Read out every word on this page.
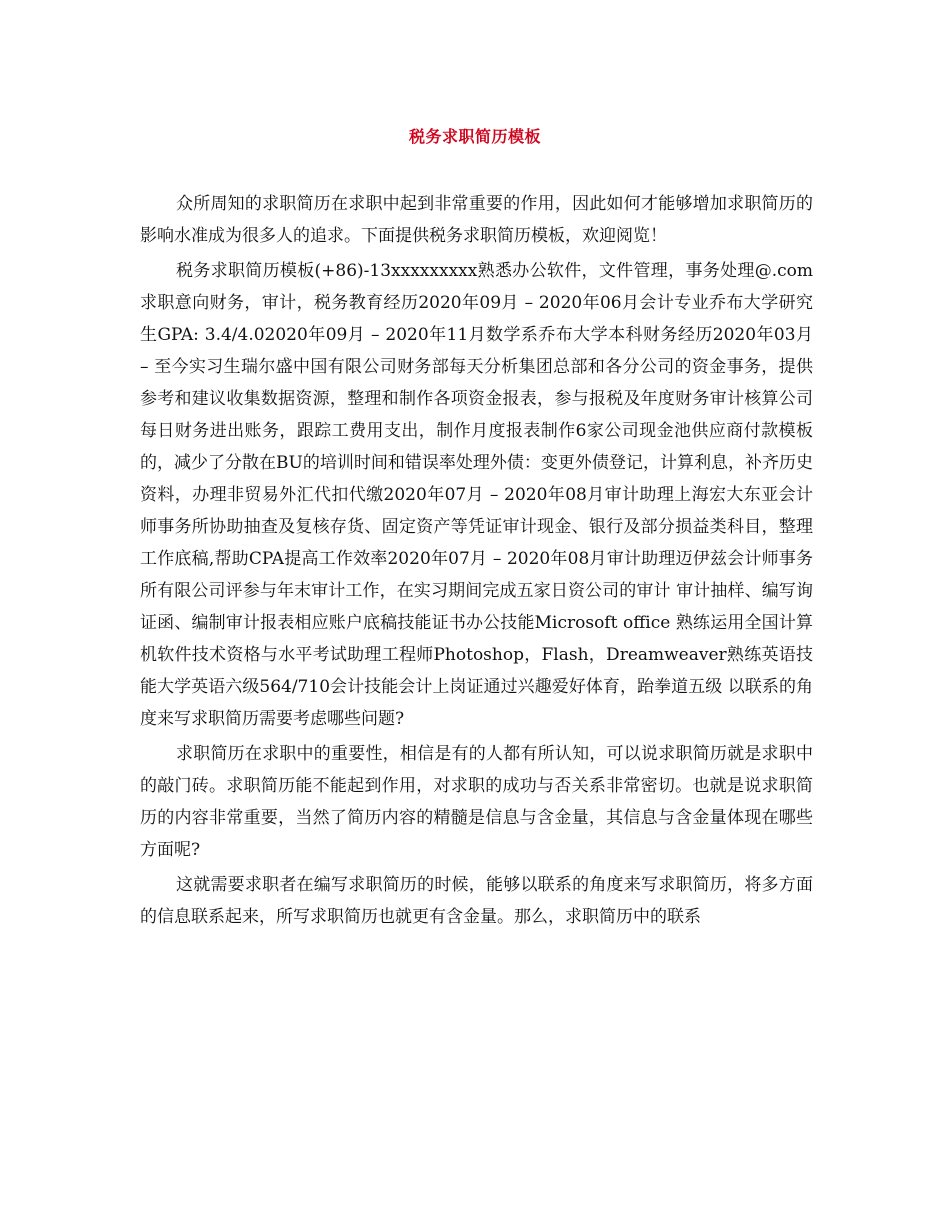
税务求职简历模板

众所周知的求职简历在求职中起到非常重要的作用，因此如何才能够增加求职简历的影响水准成为很多人的追求。下面提供税务求职简历模板，欢迎阅览！

税务求职简历模板(+86)-13xxxxxxxxx熟悉办公软件，文件管理，事务处理@.com求职意向财务，审计，税务教育经历2020年09月 – 2020年06月会计专业乔布大学研究生GPA: 3.4/4.02020年09月 – 2020年11月数学系乔布大学本科财务经历2020年03月 – 至今实习生瑞尔盛中国有限公司财务部每天分析集团总部和各分公司的资金事务，提供参考和建议收集数据资源，整理和制作各项资金报表，参与报税及年度财务审计核算公司每日财务进出账务，跟踪工费用支出，制作月度报表制作6家公司现金池供应商付款模板的，减少了分散在BU的培训时间和错误率处理外债：变更外债登记，计算利息，补齐历史资料，办理非贸易外汇代扣代缴2020年07月 – 2020年08月审计助理上海宏大东亚会计师事务所协助抽查及复核存货、固定资产等凭证审计现金、银行及部分损益类科目，整理工作底稿,帮助CPA提高工作效率2020年07月 – 2020年08月审计助理迈伊兹会计师事务所有限公司评参与年末审计工作，在实习期间完成五家日资公司的审计 审计抽样、编写询证函、编制审计报表相应账户底稿技能证书办公技能Microsoft office 熟练运用全国计算机软件技术资格与水平考试助理工程师Photoshop，Flash，Dreamweaver熟练英语技能大学英语六级564/710会计技能会计上岗证通过兴趣爱好体育，跆拳道五级 以联系的角度来写求职简历需要考虑哪些问题?

求职简历在求职中的重要性，相信是有的人都有所认知，可以说求职简历就是求职中的敲门砖。求职简历能不能起到作用，对求职的成功与否关系非常密切。也就是说求职简历的内容非常重要，当然了简历内容的精髓是信息与含金量，其信息与含金量体现在哪些方面呢?

这就需要求职者在编写求职简历的时候，能够以联系的角度来写求职简历，将多方面的信息联系起来，所写求职简历也就更有含金量。那么，求职简历中的联系
